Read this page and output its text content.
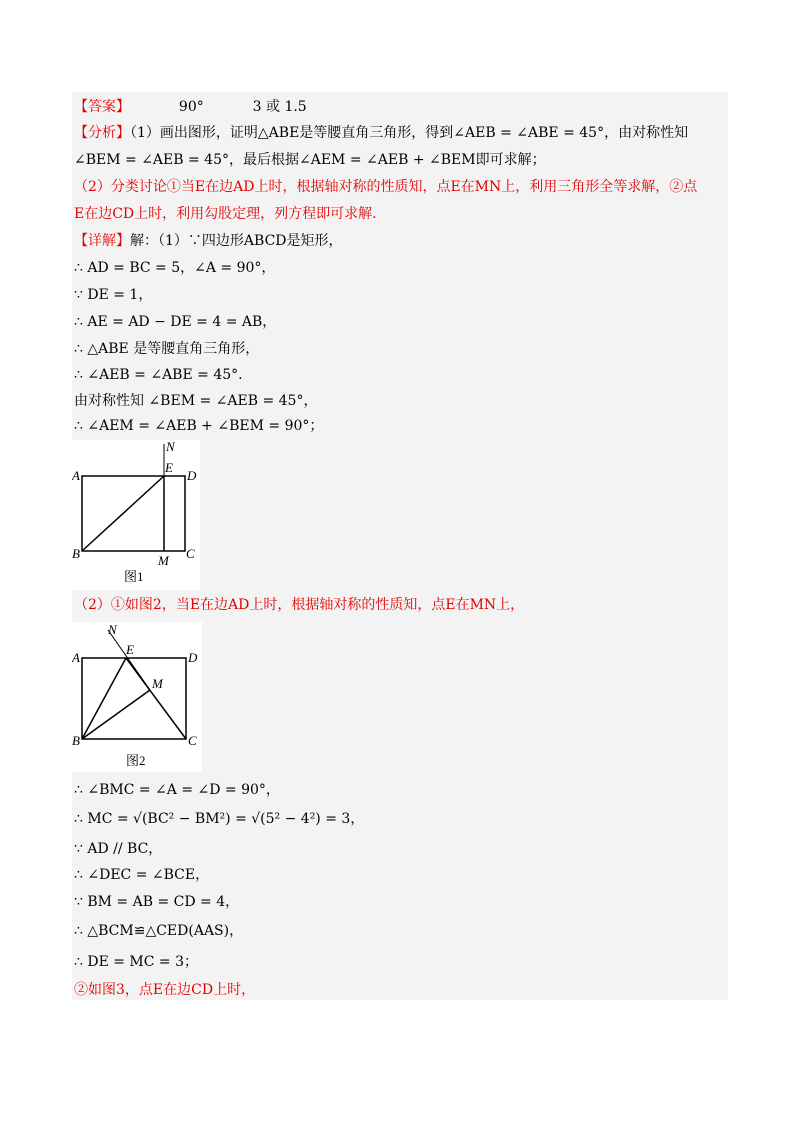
【答案】	90°	3 或 1.5
【分析】（1）画出图形，证明△ABE是等腰直角三角形，得到∠AEB = ∠ABE = 45°，由对称性知
∠BEM = ∠AEB = 45°，最后根据∠AEM = ∠AEB + ∠BEM即可求解；
（2）分类讨论①当E在边AD上时，根据轴对称的性质知，点E在MN上，利用三角形全等求解，②点
E在边CD上时，利用勾股定理，列方程即可求解.
【详解】解：（1）∵四边形ABCD是矩形，
∴ AD = BC = 5，∠A = 90°，
∵ DE = 1，
∴ AE = AD − DE = 4 = AB，
∴ △ABE 是等腰直角三角形，
∴ ∠AEB = ∠ABE = 45°.
由对称性知 ∠BEM = ∠AEB = 45°，
∴ ∠AEM = ∠AEB + ∠BEM = 90°；
A
B	C
D
E
M
N
图1
（2）①如图2，当E在边AD上时，根据轴对称的性质知，点E在MN上，
A
B	C
D
E
M
N
图2
∴ ∠BMC = ∠A = ∠D = 90°，
∴ MC = √(BC² − BM²) = √(5² − 4²) = 3，
∵ AD // BC，
∴ ∠DEC = ∠BCE，
∵ BM = AB = CD = 4，
∴ △BCM≌△CED(AAS)，
∴ DE = MC = 3；
②如图3，点E在边CD上时，
